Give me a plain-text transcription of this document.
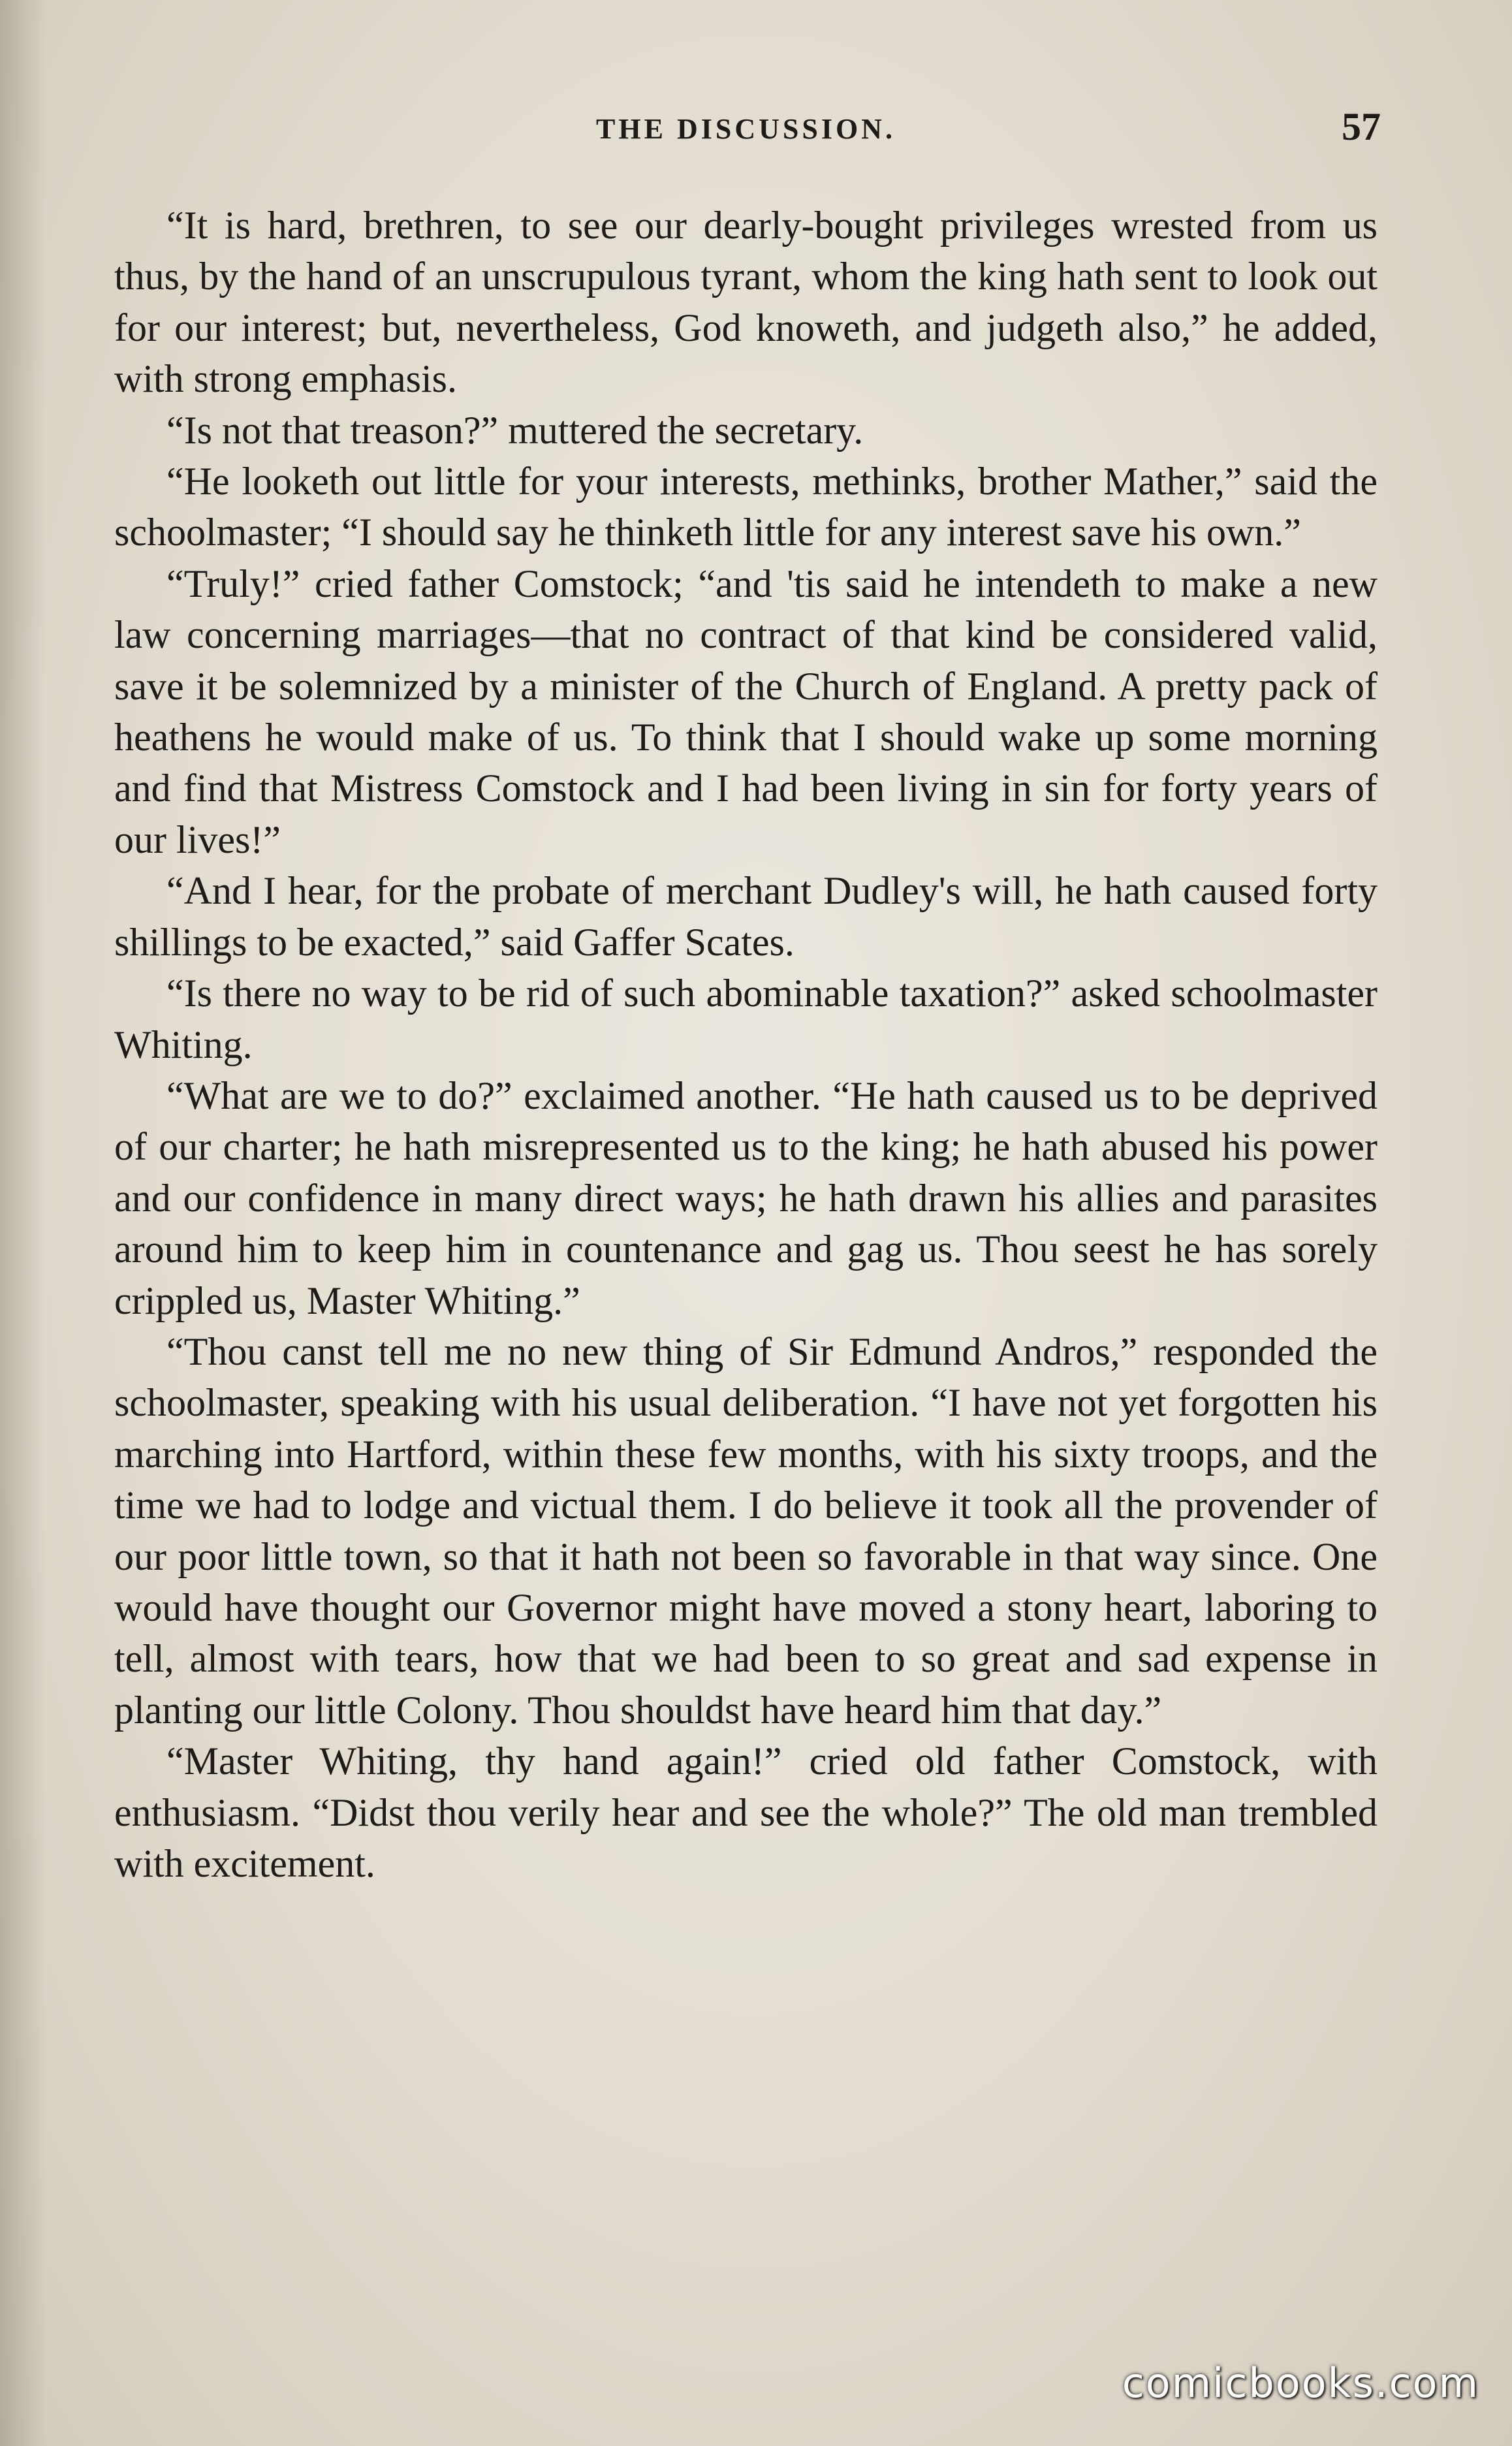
THE DISCUSSION.	57

“It is hard, brethren, to see our dearly-bought privileges wrested from us thus, by the hand of an unscrupulous tyrant, whom the king hath sent to look out for our interest; but, nevertheless, God knoweth, and judgeth also,” he added, with strong emphasis.

“Is not that treason?” muttered the secretary.

“He looketh out little for your interests, methinks, brother Mather,” said the schoolmaster; “I should say he thinketh little for any interest save his own.”

“Truly!” cried father Comstock; “and 'tis said he intendeth to make a new law concerning marriages—that no contract of that kind be considered valid, save it be solemnized by a minister of the Church of England. A pretty pack of heathens he would make of us. To think that I should wake up some morning and find that Mistress Comstock and I had been living in sin for forty years of our lives!”

“And I hear, for the probate of merchant Dudley's will, he hath caused forty shillings to be exacted,” said Gaffer Scates.

“Is there no way to be rid of such abominable taxation?” asked schoolmaster Whiting.

“What are we to do?” exclaimed another. “He hath caused us to be deprived of our charter; he hath misrepresented us to the king; he hath abused his power and our confidence in many direct ways; he hath drawn his allies and parasites around him to keep him in countenance and gag us. Thou seest he has sorely crippled us, Master Whiting.”

“Thou canst tell me no new thing of Sir Edmund Andros,” responded the schoolmaster, speaking with his usual deliberation. “I have not yet forgotten his marching into Hartford, within these few months, with his sixty troops, and the time we had to lodge and victual them. I do believe it took all the provender of our poor little town, so that it hath not been so favorable in that way since. One would have thought our Governor might have moved a stony heart, laboring to tell, almost with tears, how that we had been to so great and sad expense in planting our little Colony. Thou shouldst have heard him that day.”

“Master Whiting, thy hand again!” cried old father Comstock, with enthusiasm. “Didst thou verily hear and see the whole?” The old man trembled with excitement.

comicbooks.com
